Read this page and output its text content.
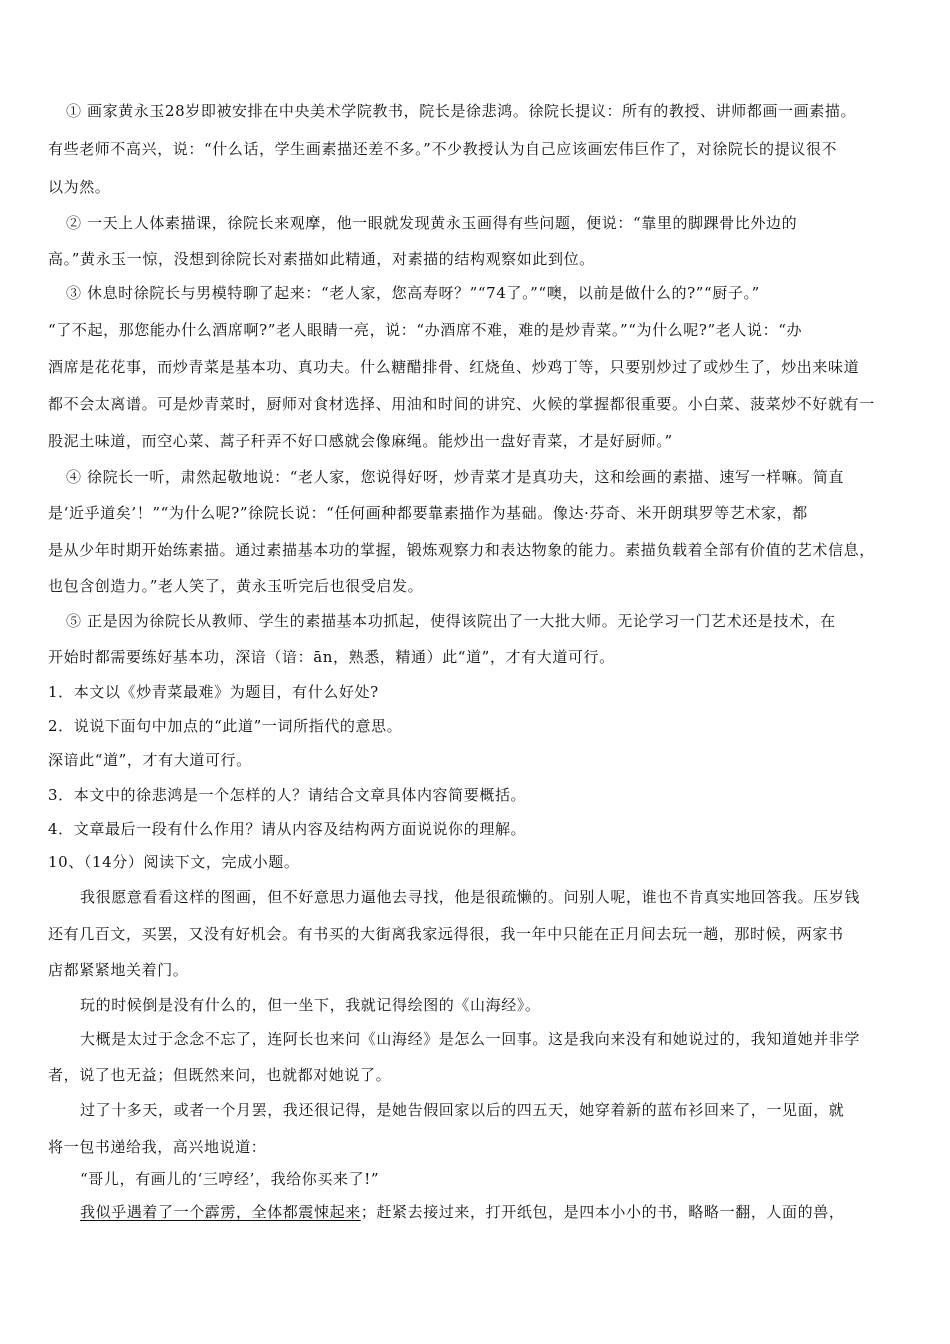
① 画家黄永玉28岁即被安排在中央美术学院教书，院长是徐悲鸿。徐院长提议：所有的教授、讲师都画一画素描。
有些老师不高兴，说：“什么话，学生画素描还差不多。”不少教授认为自己应该画宏伟巨作了，对徐院长的提议很不
以为然。
② 一天上人体素描课，徐院长来观摩，他一眼就发现黄永玉画得有些问题，便说：“靠里的脚踝骨比外边的
高。”黄永玉一惊，没想到徐院长对素描如此精通，对素描的结构观察如此到位。
③ 休息时徐院长与男模特聊了起来：“老人家，您高寿呀？”“74了。”“噢，以前是做什么的?”“厨子。”
“了不起，那您能办什么酒席啊?”老人眼睛一亮，说：“办酒席不难，难的是炒青菜。”“为什么呢?”老人说：“办
酒席是花花事，而炒青菜是基本功、真功夫。什么糖醋排骨、红烧鱼、炒鸡丁等，只要别炒过了或炒生了，炒出来味道
都不会太离谱。可是炒青菜时，厨师对食材选择、用油和时间的讲究、火候的掌握都很重要。小白菜、菠菜炒不好就有一
股泥土味道，而空心菜、蒿子秆弄不好口感就会像麻绳。能炒出一盘好青菜，才是好厨师。”
④ 徐院长一听，肃然起敬地说：“老人家，您说得好呀，炒青菜才是真功夫，这和绘画的素描、速写一样嘛。简直
是‘近乎道矣’！”“为什么呢?”徐院长说：“任何画种都要靠素描作为基础。像达·芬奇、米开朗琪罗等艺术家，都
是从少年时期开始练素描。通过素描基本功的掌握，锻炼观察力和表达物象的能力。素描负载着全部有价值的艺术信息，
也包含创造力。”老人笑了，黄永玉听完后也很受启发。
⑤ 正是因为徐院长从教师、学生的素描基本功抓起，使得该院出了一大批大师。无论学习一门艺术还是技术，在
开始时都需要练好基本功，深谙（谙：ān，熟悉，精通）此“道”，才有大道可行。
1．本文以《炒青菜最难》为题目，有什么好处?
2．说说下面句中加点的“此道”一词所指代的意思。
深谙此“道”，才有大道可行。
3．本文中的徐悲鸿是一个怎样的人？请结合文章具体内容简要概括。
4．文章最后一段有什么作用？请从内容及结构两方面说说你的理解。
10、（14分）阅读下文，完成小题。
我很愿意看看这样的图画，但不好意思力逼他去寻找，他是很疏懒的。问别人呢，谁也不肯真实地回答我。压岁钱
还有几百文，买罢，又没有好机会。有书买的大街离我家远得很，我一年中只能在正月间去玩一趟，那时候，两家书
店都紧紧地关着门。
玩的时候倒是没有什么的，但一坐下，我就记得绘图的《山海经》。
大概是太过于念念不忘了，连阿长也来问《山海经》是怎么一回事。这是我向来没有和她说过的，我知道她并非学
者，说了也无益；但既然来问，也就都对她说了。
过了十多天，或者一个月罢，我还很记得，是她告假回家以后的四五天，她穿着新的蓝布衫回来了，一见面，就
将一包书递给我，高兴地说道：
“哥儿，有画儿的‘三哼经’，我给你买来了!”
我似乎遇着了一个霹雳，全体都震悚起来；赶紧去接过来，打开纸包，是四本小小的书，略略一翻，人面的兽，
